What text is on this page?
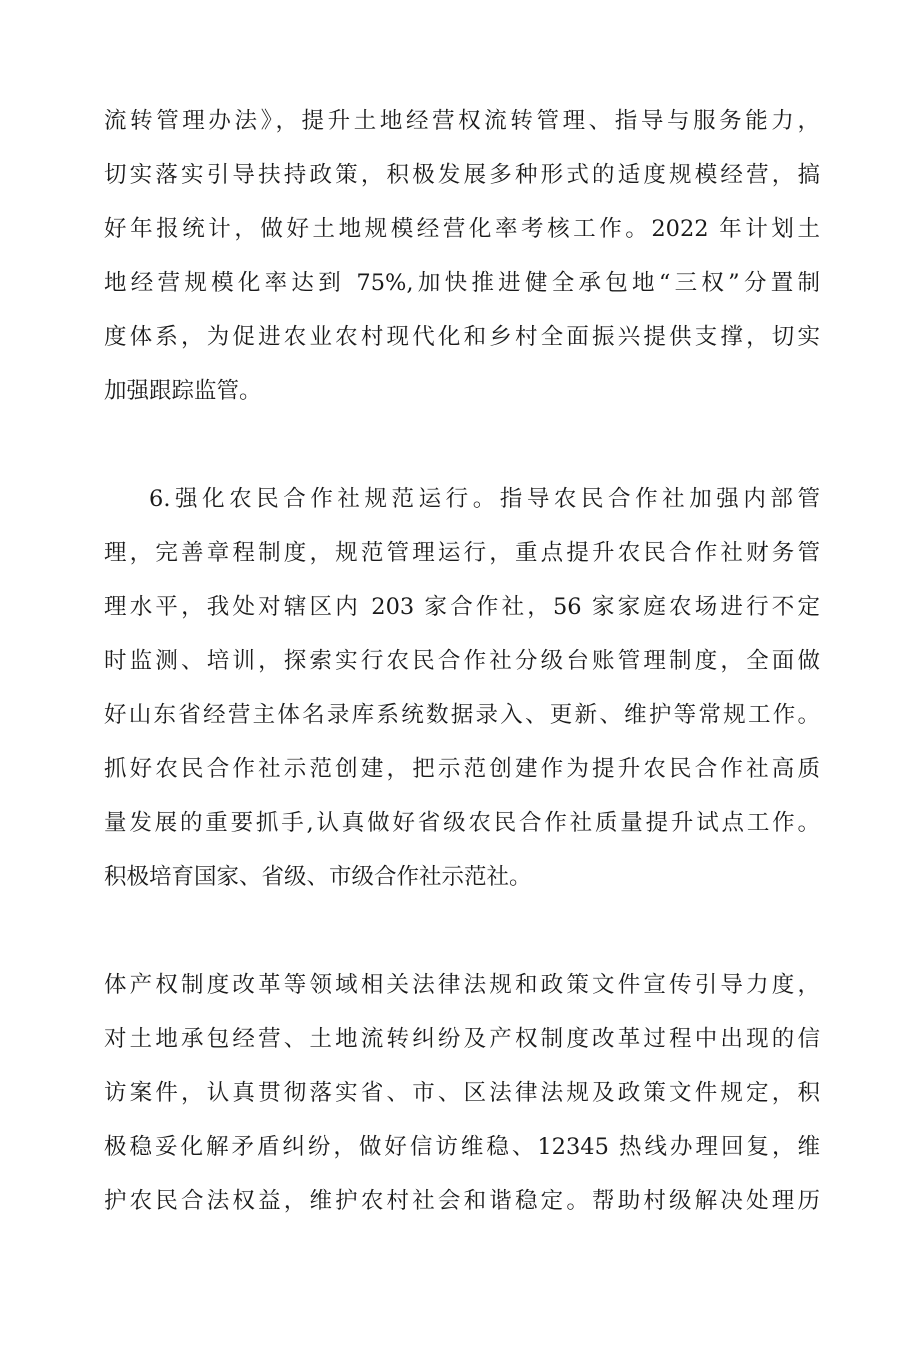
流转管理办法》，提升土地经营权流转管理、指导与服务能力，
切实落实引导扶持政策，积极发展多种形式的适度规模经营，搞
好年报统计，做好土地规模经营化率考核工作。2022 年计划土
地经营规模化率达到 75%,加快推进健全承包地“三权”分置制
度体系，为促进农业农村现代化和乡村全面振兴提供支撑，切实
加强跟踪监管。
6.强化农民合作社规范运行。指导农民合作社加强内部管
理，完善章程制度，规范管理运行，重点提升农民合作社财务管
理水平，我处对辖区内 203 家合作社，56 家家庭农场进行不定
时监测、培训，探索实行农民合作社分级台账管理制度，全面做
好山东省经营主体名录库系统数据录入、更新、维护等常规工作。
抓好农民合作社示范创建，把示范创建作为提升农民合作社高质
量发展的重要抓手,认真做好省级农民合作社质量提升试点工作。
积极培育国家、省级、市级合作社示范社。
体产权制度改革等领域相关法律法规和政策文件宣传引导力度，
对土地承包经营、土地流转纠纷及产权制度改革过程中出现的信
访案件，认真贯彻落实省、市、区法律法规及政策文件规定，积
极稳妥化解矛盾纠纷，做好信访维稳、12345 热线办理回复，维
护农民合法权益，维护农村社会和谐稳定。帮助村级解决处理历
